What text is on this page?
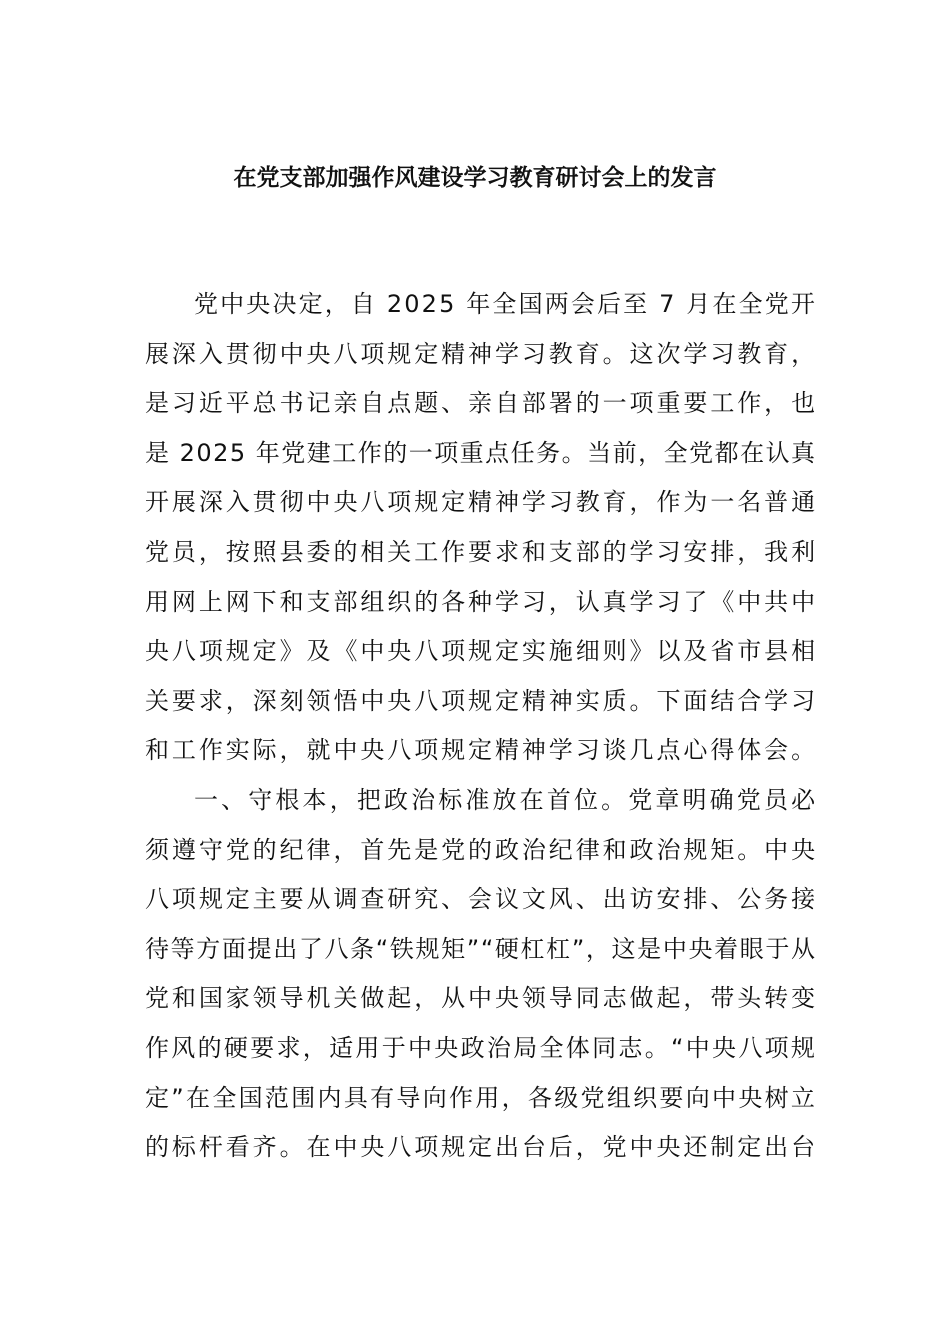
在党支部加强作风建设学习教育研讨会上的发言
党中央决定，自 2025 年全国两会后至 7 月在全党开
展深入贯彻中央八项规定精神学习教育。这次学习教育，
是习近平总书记亲自点题、亲自部署的一项重要工作，也
是 2025 年党建工作的一项重点任务。当前，全党都在认真
开展深入贯彻中央八项规定精神学习教育，作为一名普通
党员，按照县委的相关工作要求和支部的学习安排，我利
用网上网下和支部组织的各种学习，认真学习了《中共中
央八项规定》及《中央八项规定实施细则》以及省市县相
关要求，深刻领悟中央八项规定精神实质。下面结合学习
和工作实际，就中央八项规定精神学习谈几点心得体会。
一、守根本，把政治标准放在首位。党章明确党员必
须遵守党的纪律，首先是党的政治纪律和政治规矩。中央
八项规定主要从调查研究、会议文风、出访安排、公务接
待等方面提出了八条“铁规矩”“硬杠杠”，这是中央着眼于从
党和国家领导机关做起，从中央领导同志做起，带头转变
作风的硬要求，适用于中央政治局全体同志。“中央八项规
定”在全国范围内具有导向作用，各级党组织要向中央树立
的标杆看齐。在中央八项规定出台后，党中央还制定出台
